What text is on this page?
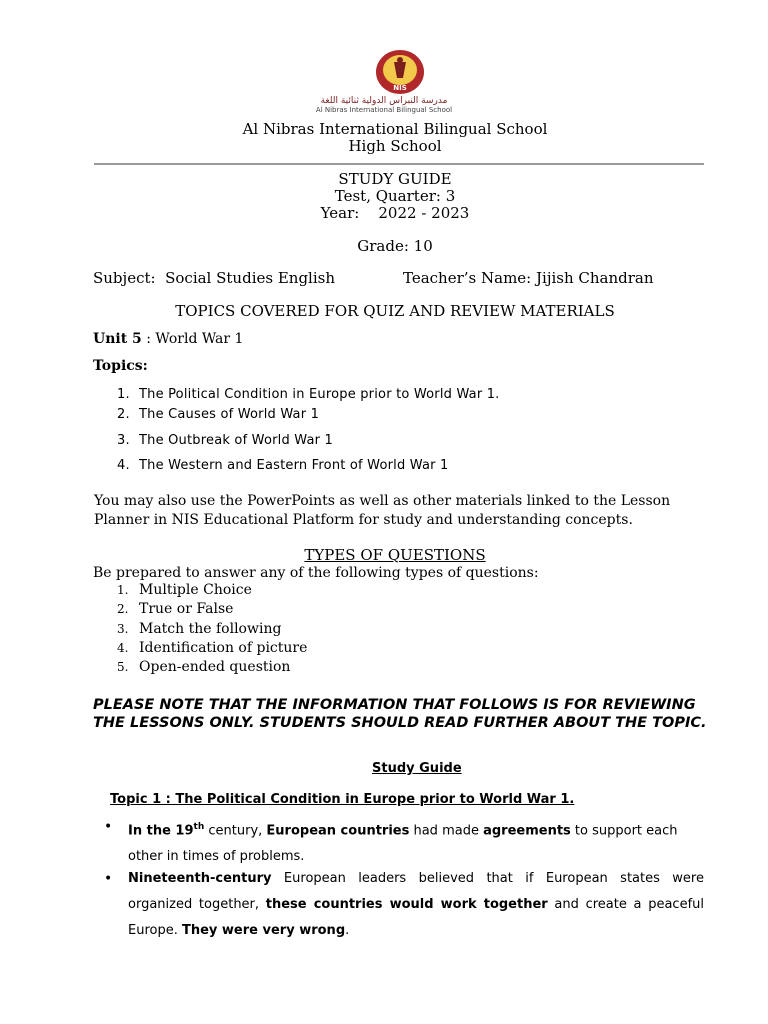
NIS
مدرسة النبراس الدولية ثنائية اللغة
Al Nibras International Bilingual School
Al Nibras International Bilingual School
High School
STUDY GUIDE
Test, Quarter: 3
Year: 2022 - 2023
Grade: 10
Subject: Social Studies English	Teacher’s Name: Jijish Chandran
TOPICS COVERED FOR QUIZ AND REVIEW MATERIALS
Unit 5 : World War 1
Topics:
1. The Political Condition in Europe prior to World War 1.
2. The Causes of World War 1
3. The Outbreak of World War 1
4. The Western and Eastern Front of World War 1
You may also use the PowerPoints as well as other materials linked to the Lesson Planner in NIS Educational Platform for study and understanding concepts.
TYPES OF QUESTIONS
Be prepared to answer any of the following types of questions:
1. Multiple Choice
2. True or False
3. Match the following
4. Identification of picture
5. Open-ended question
PLEASE NOTE THAT THE INFORMATION THAT FOLLOWS IS FOR REVIEWING THE LESSONS ONLY. STUDENTS SHOULD READ FURTHER ABOUT THE TOPIC.
Study Guide
Topic 1 : The Political Condition in Europe prior to World War 1.
• In the 19th century, European countries had made agreements to support each other in times of problems.
• Nineteenth-century European leaders believed that if European states were organized together, these countries would work together and create a peaceful Europe. They were very wrong.
